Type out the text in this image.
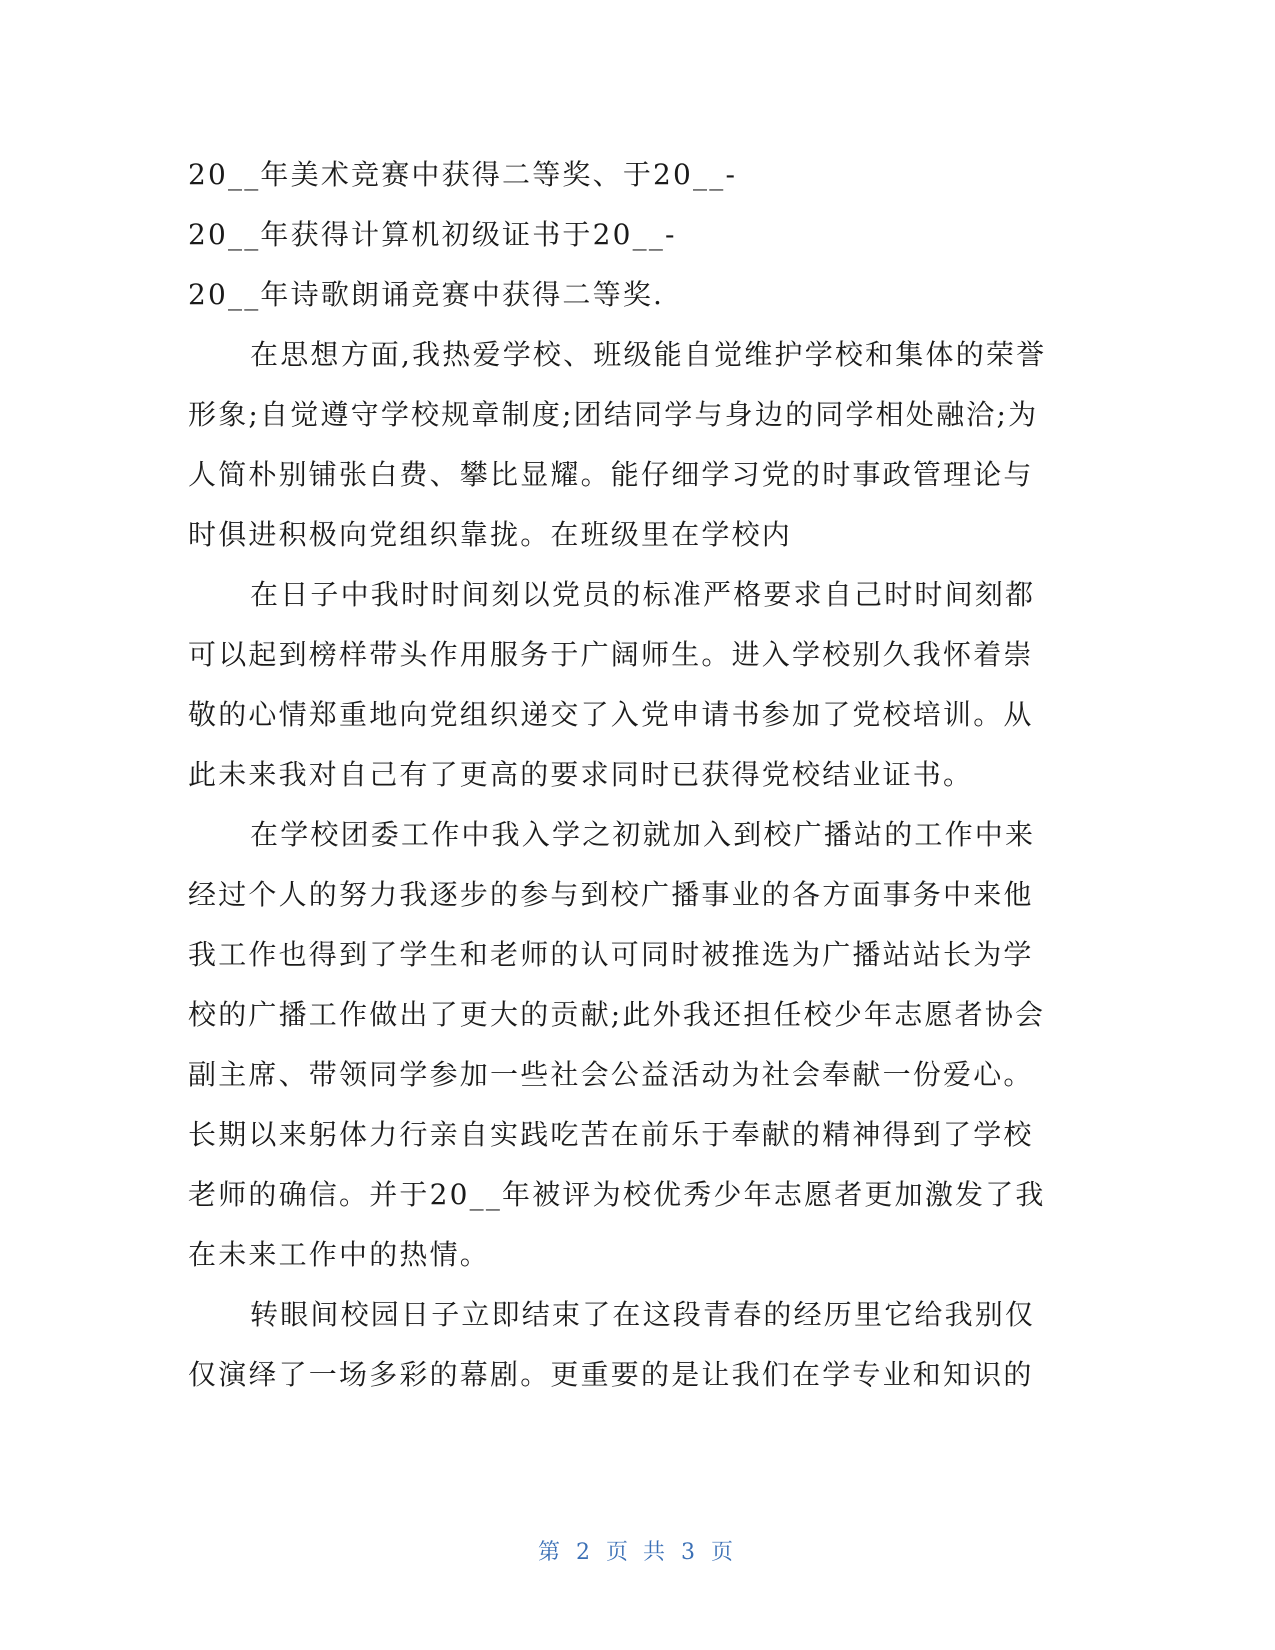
20__年美术竞赛中获得二等奖、于20__-
20__年获得计算机初级证书于20__-
20__年诗歌朗诵竞赛中获得二等奖.
在思想方面,我热爱学校、班级能自觉维护学校和集体的荣誉
形象;自觉遵守学校规章制度;团结同学与身边的同学相处融洽;为
人简朴别铺张白费、攀比显耀。能仔细学习党的时事政管理论与
时俱进积极向党组织靠拢。在班级里在学校内
在日子中我时时间刻以党员的标准严格要求自己时时间刻都
可以起到榜样带头作用服务于广阔师生。进入学校别久我怀着崇
敬的心情郑重地向党组织递交了入党申请书参加了党校培训。从
此未来我对自己有了更高的要求同时已获得党校结业证书。
在学校团委工作中我入学之初就加入到校广播站的工作中来
经过个人的努力我逐步的参与到校广播事业的各方面事务中来他
我工作也得到了学生和老师的认可同时被推选为广播站站长为学
校的广播工作做出了更大的贡献;此外我还担任校少年志愿者协会
副主席、带领同学参加一些社会公益活动为社会奉献一份爱心。
长期以来躬体力行亲自实践吃苦在前乐于奉献的精神得到了学校
老师的确信。并于20__年被评为校优秀少年志愿者更加激发了我
在未来工作中的热情。
转眼间校园日子立即结束了在这段青春的经历里它给我别仅
仅演绎了一场多彩的幕剧。更重要的是让我们在学专业和知识的
第 2 页 共 3 页
